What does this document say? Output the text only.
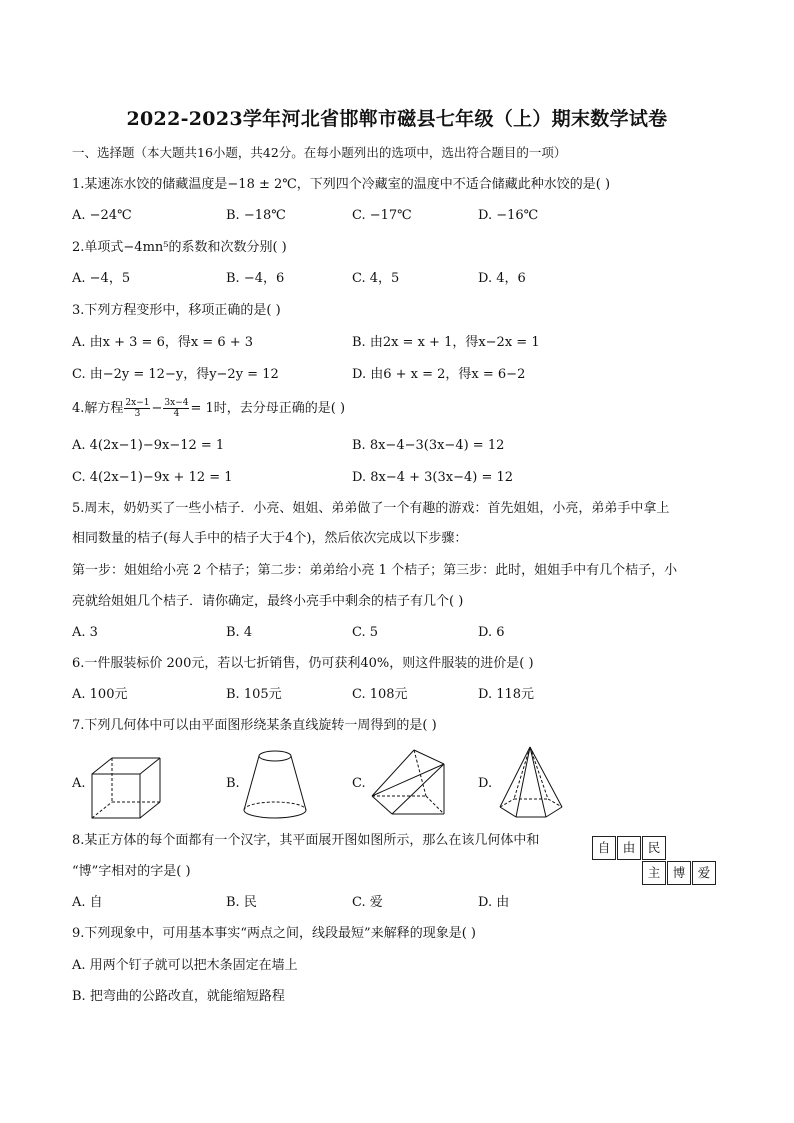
2022-2023学年河北省邯郸市磁县七年级（上）期末数学试卷
一、选择题（本大题共16小题，共42分。在每小题列出的选项中，选出符合题目的一项）
1.某速冻水饺的储藏温度是−18 ± 2℃，下列四个冷藏室的温度中不适合储藏此种水饺的是( )
A. −24℃	B. −18℃	C. −17℃	D. −16℃
2.单项式−4mn⁵的系数和次数分别( )
A. −4，5	B. −4，6	C. 4，5	D. 4，6
3.下列方程变形中，移项正确的是( )
A. 由x + 3 = 6，得x = 6 + 3	B. 由2x = x + 1，得x−2x = 1
C. 由−2y = 12−y，得y−2y = 12	D. 由6 + x = 2，得x = 6−2
4.解方程 $\frac{2x-1}{3} - \frac{3x-4}{4} = 1$时，去分母正确的是( )
A. 4(2x−1)−9x−12 = 1	B. 8x−4−3(3x−4) = 12
C. 4(2x−1)−9x + 12 = 1	D. 8x−4 + 3(3x−4) = 12
5.周末，奶奶买了一些小桔子．小亮、姐姐、弟弟做了一个有趣的游戏：首先姐姐，小亮，弟弟手中拿上
相同数量的桔子(每人手中的桔子大于4个)，然后依次完成以下步骤：
第一步：姐姐给小亮 2 个桔子；第二步：弟弟给小亮 1 个桔子；第三步：此时，姐姐手中有几个桔子，小
亮就给姐姐几个桔子．请你确定，最终小亮手中剩余的桔子有几个( )
A. 3	B. 4	C. 5	D. 6
6.一件服装标价 200元，若以七折销售，仍可获利40%，则这件服装的进价是( )
A. 100元	B. 105元	C. 108元	D. 118元
7.下列几何体中可以由平面图形绕某条直线旋转一周得到的是( )
A.	B.	C.	D.
8.某正方体的每个面都有一个汉字，其平面展开图如图所示，那么在该几何体中和
“博”字相对的字是( )
A. 自	B. 民	C. 爱	D. 由
自 由 民
主 博 爱
9.下列现象中，可用基本事实“两点之间，线段最短”来解释的现象是( )
A. 用两个钉子就可以把木条固定在墙上
B. 把弯曲的公路改直，就能缩短路程
